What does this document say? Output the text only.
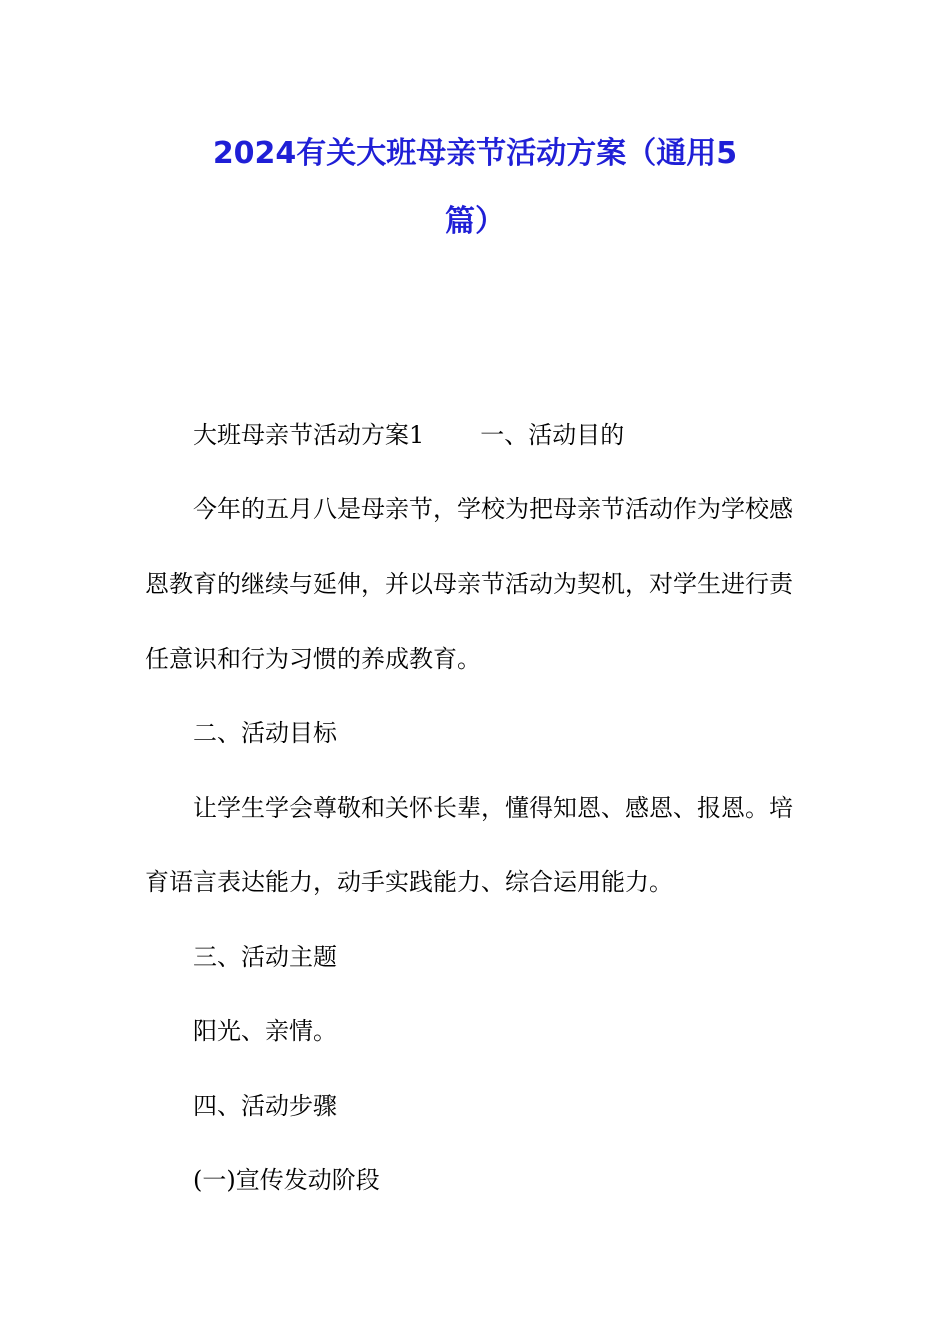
2024有关大班母亲节活动方案（通用5
篇）

大班母亲节活动方案1 一、活动目的

今年的五月八是母亲节，学校为把母亲节活动作为学校感

恩教育的继续与延伸，并以母亲节活动为契机，对学生进行责

任意识和行为习惯的养成教育。

二、活动目标

让学生学会尊敬和关怀长辈，懂得知恩、感恩、报恩。培

育语言表达能力，动手实践能力、综合运用能力。

三、活动主题

阳光、亲情。

四、活动步骤

(一)宣传发动阶段
